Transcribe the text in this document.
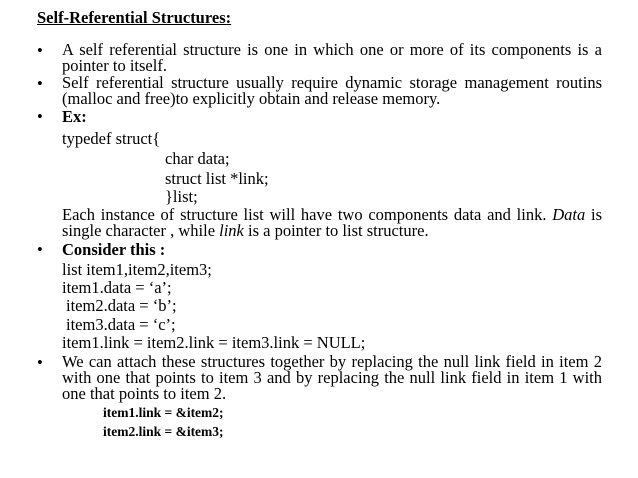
Self-Referential Structures:
• A self referential structure is one in which one or more of its components is a pointer to itself.
• Self referential structure usually require dynamic storage management routins (malloc and free)to explicitly obtain and release memory.
• Ex:
typedef struct{
char data;
struct list *link;
}list;
Each instance of structure list will have two components data and link. Data is single character , while link is a pointer to list structure.
• Consider this :
list item1,item2,item3;
item1.data = ‘a’;
item2.data = ‘b’;
item3.data = ‘c’;
item1.link = item2.link = item3.link = NULL;
• We can attach these structures together by replacing the null link field in item 2 with one that points to item 3 and by replacing the null link field in item 1 with one that points to item 2.
item1.link = &item2;
item2.link = &item3;
